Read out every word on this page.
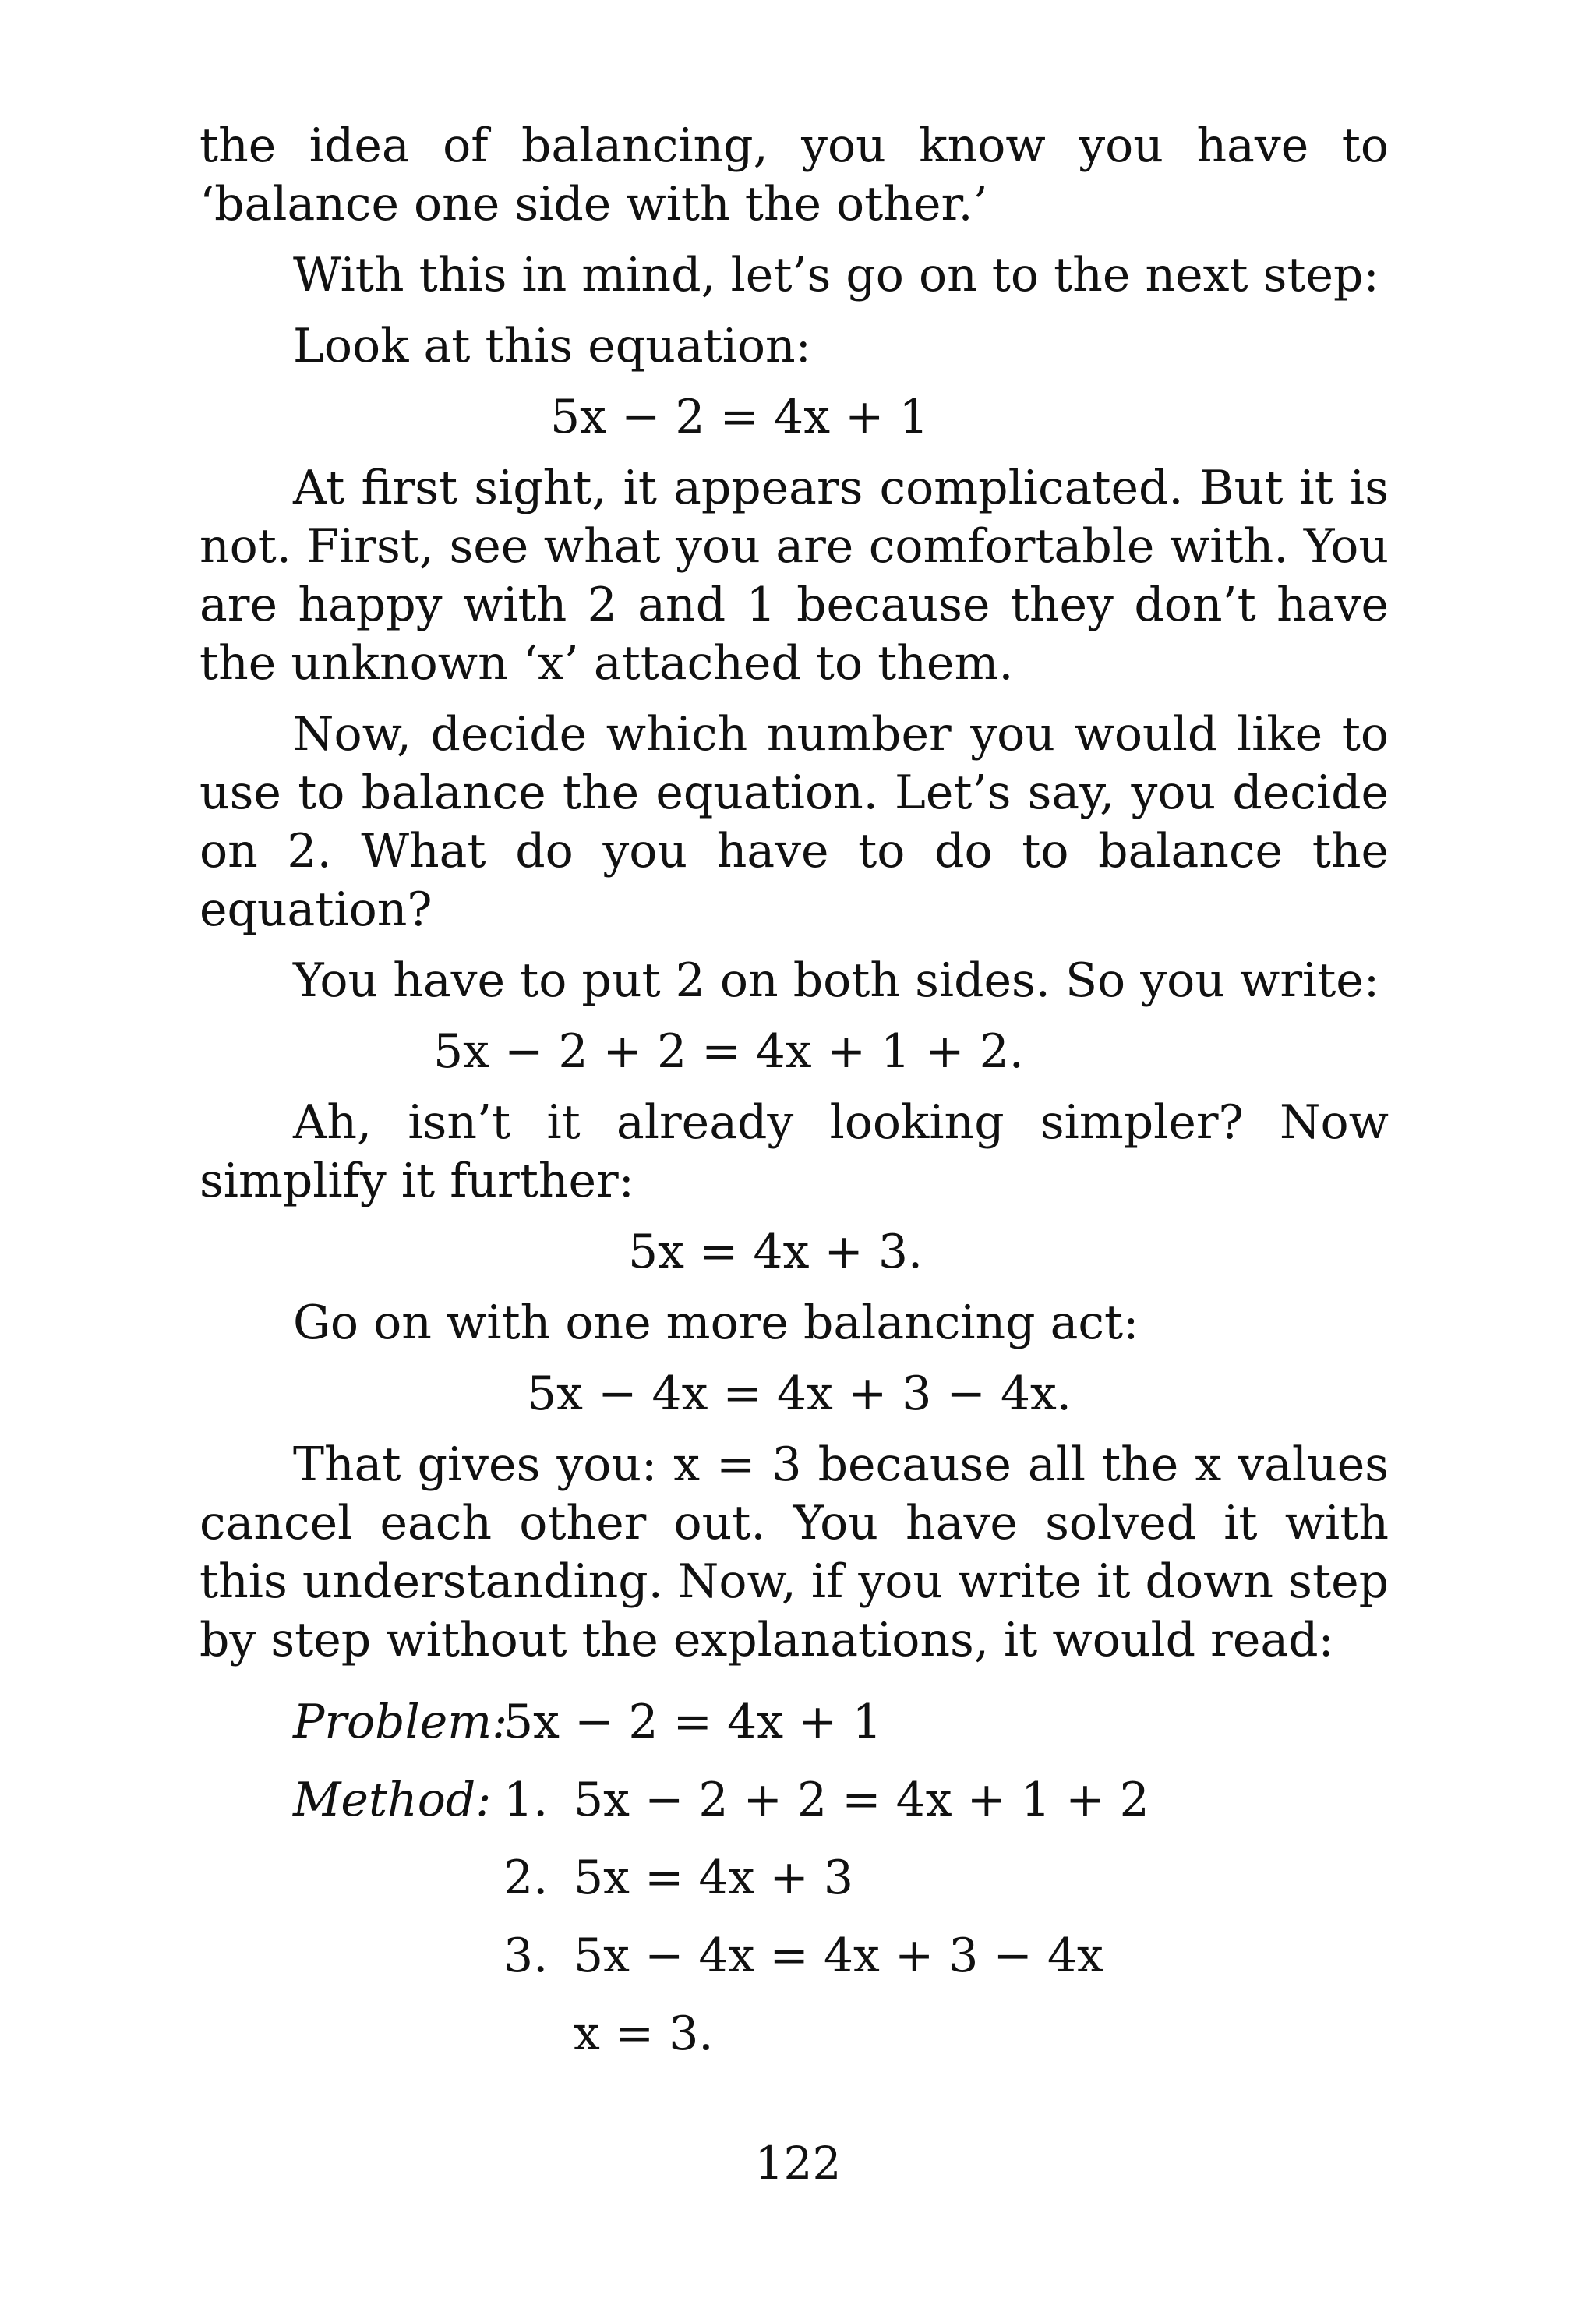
the idea of balancing, you know you have to ‘balance one side with the other.’

With this in mind, let’s go on to the next step:

Look at this equation:

5x − 2 = 4x + 1

At first sight, it appears complicated. But it is not. First, see what you are comfortable with. You are happy with 2 and 1 because they don’t have the unknown ‘x’ attached to them.

Now, decide which number you would like to use to balance the equation. Let’s say, you decide on 2. What do you have to do to balance the equation?

You have to put 2 on both sides. So you write:

5x − 2 + 2 = 4x + 1 + 2.

Ah, isn’t it already looking simpler? Now simplify it further:

5x = 4x + 3.

Go on with one more balancing act:

5x − 4x = 4x + 3 − 4x.

That gives you: x = 3 because all the x values cancel each other out. You have solved it with this understanding. Now, if you write it down step by step without the explanations, it would read:

Problem:
5x − 2 = 4x + 1
Method: 1. 5x − 2 + 2 = 4x + 1 + 2
2. 5x = 4x + 3
3. 5x − 4x = 4x + 3 − 4x
x = 3.
122
